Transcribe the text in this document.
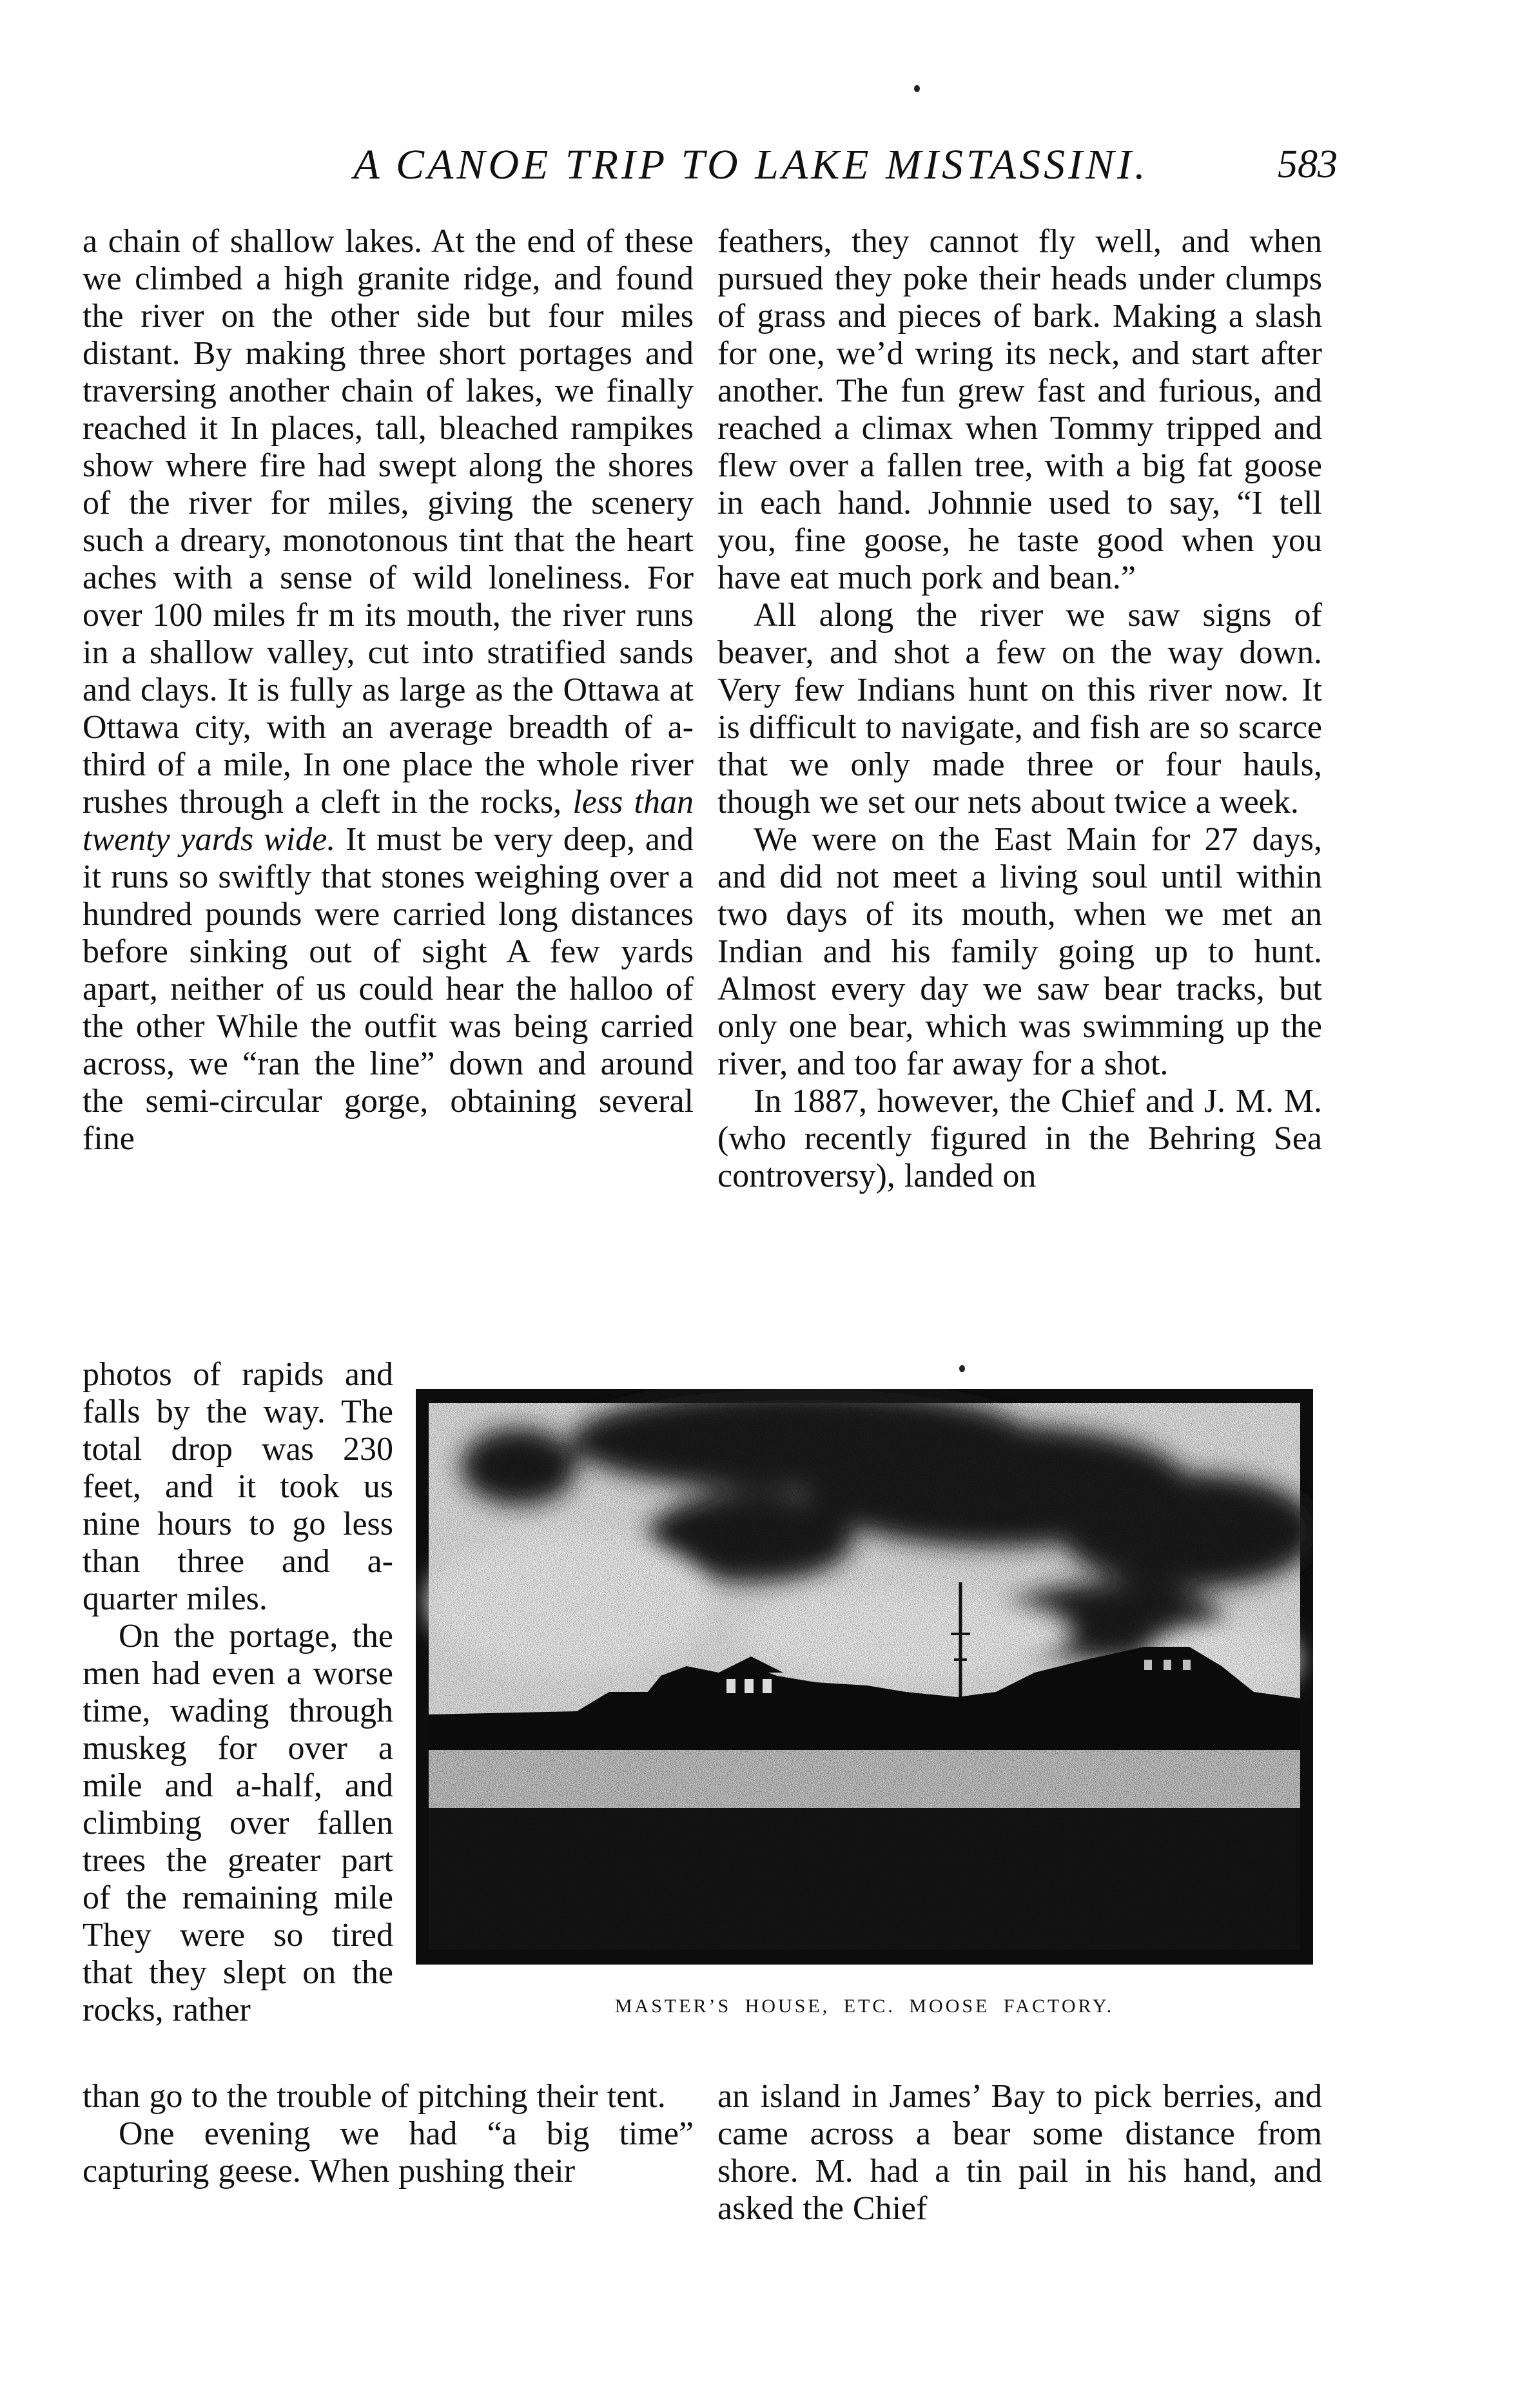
A CANOE TRIP TO LAKE MISTASSINI.	583

a chain of shallow lakes. At the end of these we climbed a high granite ridge, and found the river on the other side but four miles distant. By making three short portages and traversing another chain of lakes, we finally reached it In places, tall, bleached rampikes show where fire had swept along the shores of the river for miles, giving the scenery such a dreary, monotonous tint that the heart aches with a sense of wild loneliness. For over 100 miles fr m its mouth, the river runs in a shallow valley, cut into stratified sands and clays. It is fully as large as the Ottawa at Ottawa city, with an average breadth of a-third of a mile, In one place the whole river rushes through a cleft in the rocks, less than twenty yards wide. It must be very deep, and it runs so swiftly that stones weighing over a hundred pounds were carried long distances before sinking out of sight A few yards apart, neither of us could hear the halloo of the other While the outfit was being carried across, we “ran the line” down and around the semi-circular gorge, obtaining several fine

photos of rapids and falls by the way. The total drop was 230 feet, and it took us nine hours to go less than three and a-quarter miles.

On the portage, the men had even a worse time, wading through muskeg for over a mile and a-half, and climbing over fallen trees the greater part of the remaining mile They were so tired that they slept on the rocks, rather

than go to the trouble of pitching their tent.

One evening we had “a big time” capturing geese. When pushing their

feathers, they cannot fly well, and when pursued they poke their heads under clumps of grass and pieces of bark. Making a slash for one, we’d wring its neck, and start after another. The fun grew fast and furious, and reached a climax when Tommy tripped and flew over a fallen tree, with a big fat goose in each hand. Johnnie used to say, “I tell you, fine goose, he taste good when you have eat much pork and bean.”

All along the river we saw signs of beaver, and shot a few on the way down. Very few Indians hunt on this river now. It is difficult to navigate, and fish are so scarce that we only made three or four hauls, though we set our nets about twice a week.

We were on the East Main for 27 days, and did not meet a living soul until within two days of its mouth, when we met an Indian and his family going up to hunt. Almost every day we saw bear tracks, but only one bear, which was swimming up the river, and too far away for a shot.

In 1887, however, the Chief and J. M. M. (who recently figured in the Behring Sea controversy), landed on

an island in James’ Bay to pick berries, and came across a bear some distance from shore. M. had a tin pail in his hand, and asked the Chief

MASTER’S HOUSE, ETC. MOOSE FACTORY.
